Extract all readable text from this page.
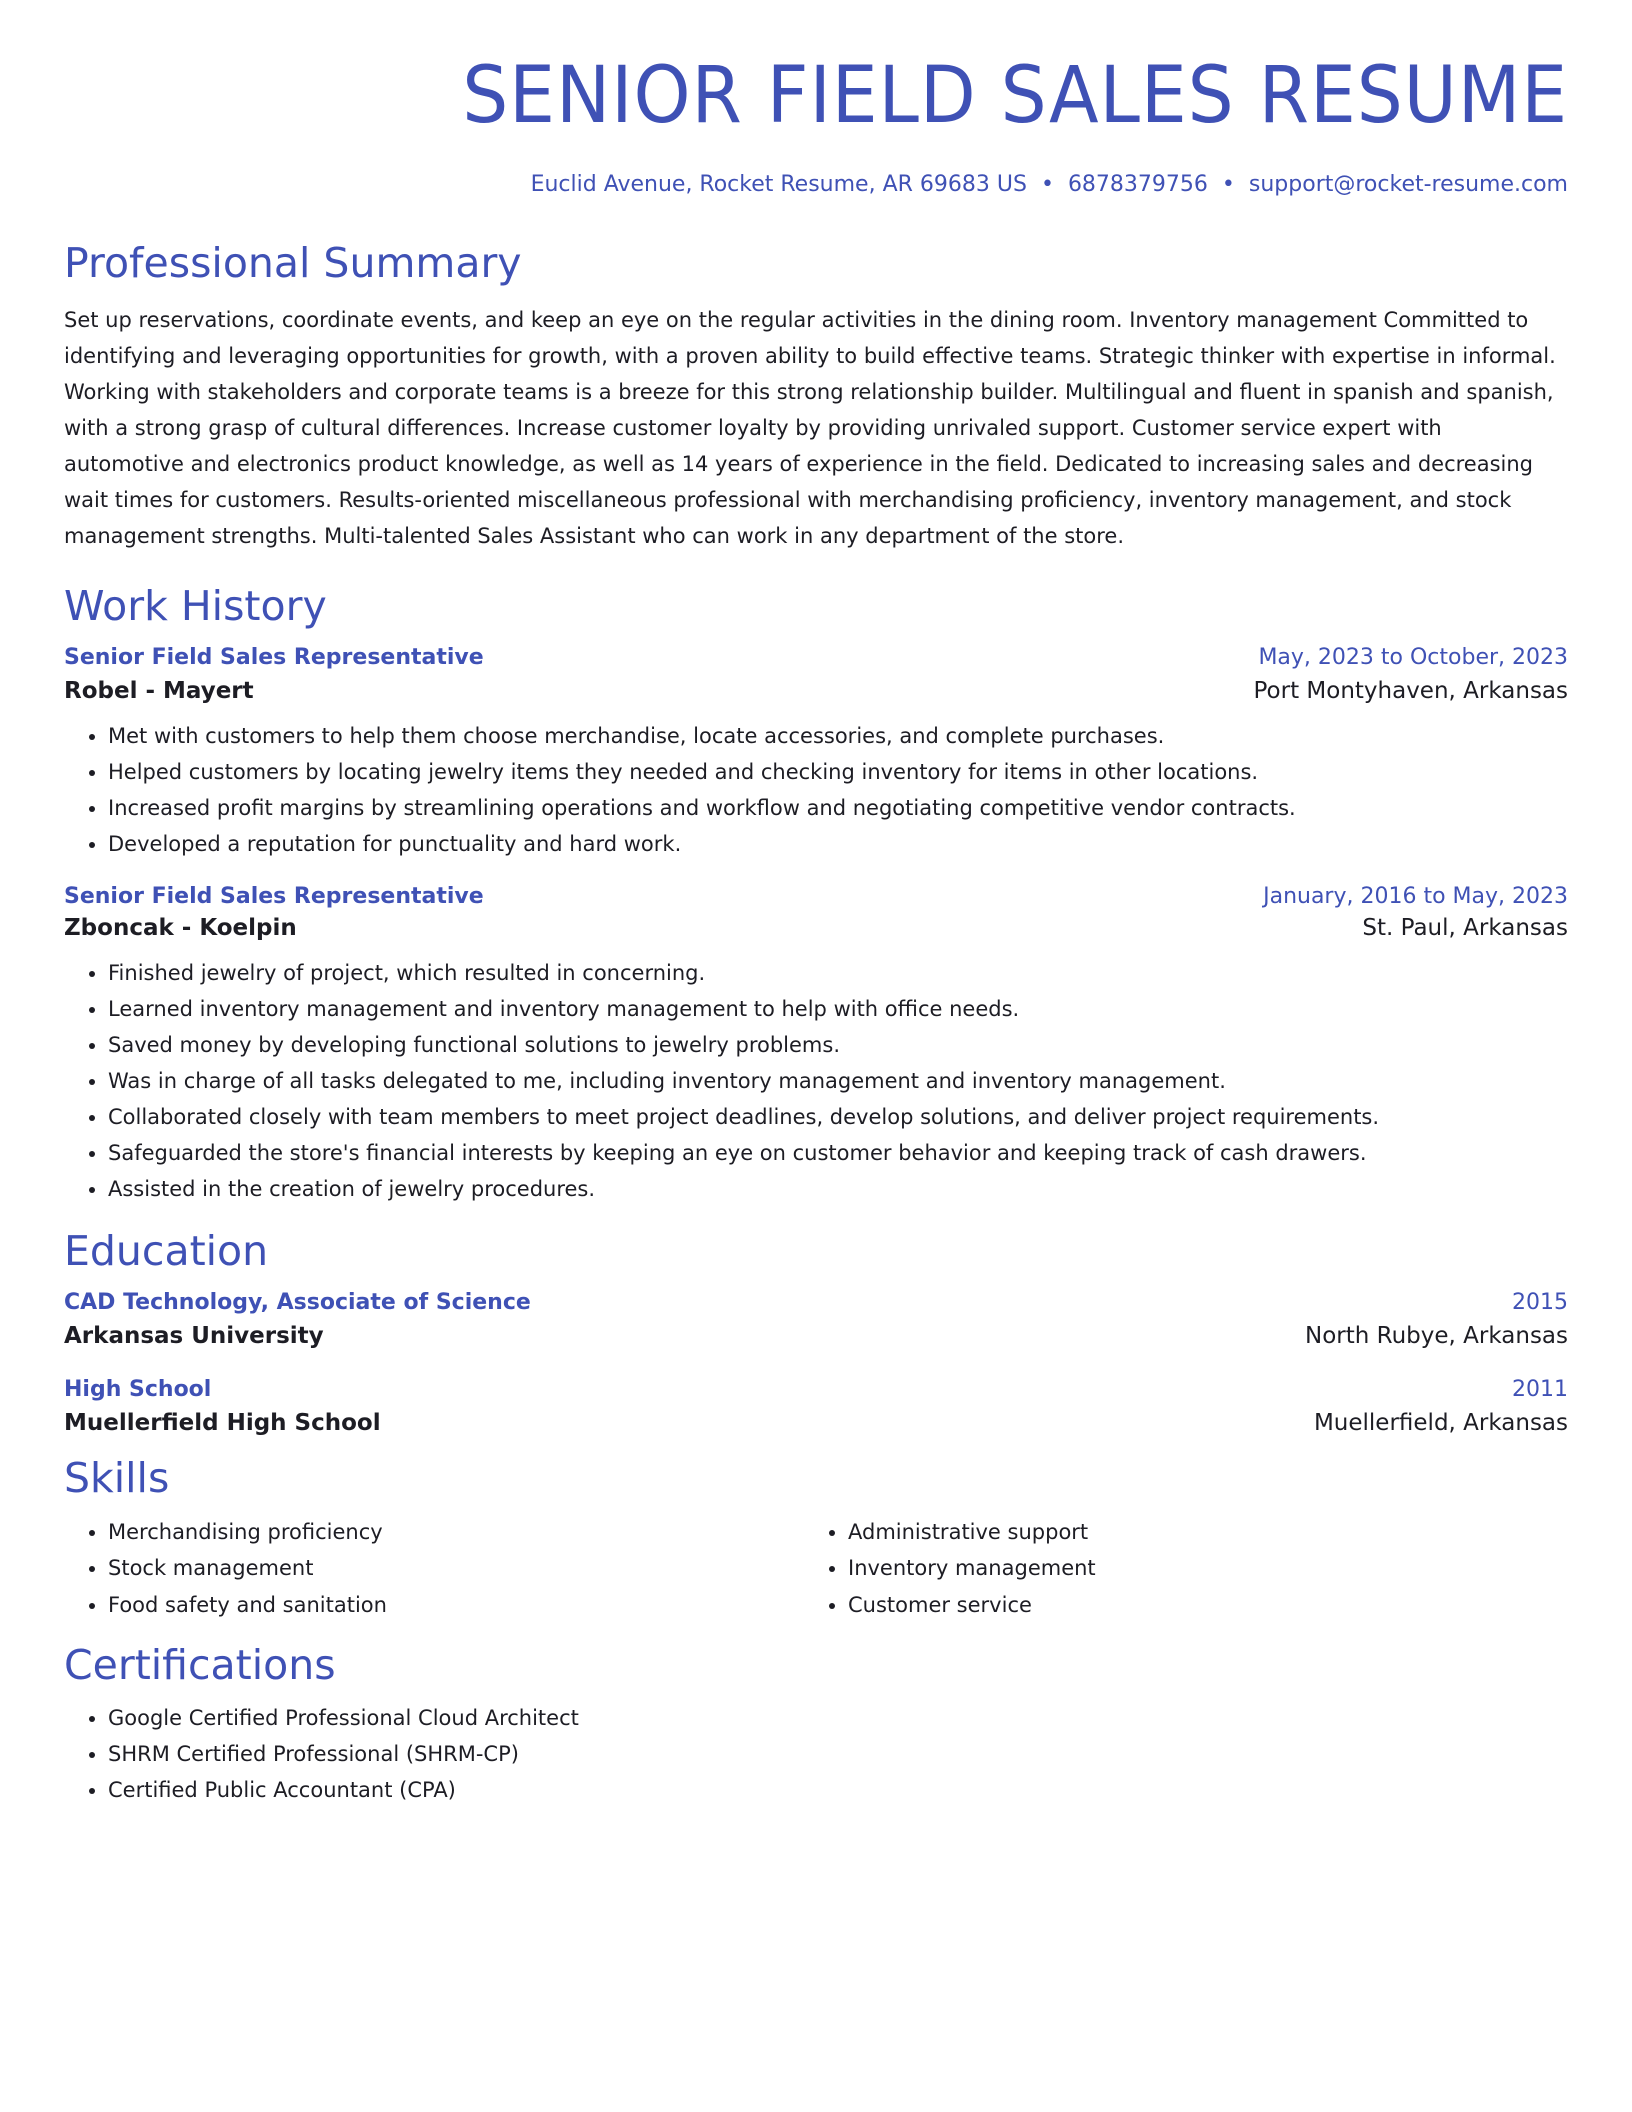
SENIOR FIELD SALES RESUME
Euclid Avenue, Rocket Resume, AR 69683 US • 6878379756 • support@rocket-resume.com
Professional Summary
Set up reservations, coordinate events, and keep an eye on the regular activities in the dining room. Inventory management Committed to identifying and leveraging opportunities for growth, with a proven ability to build effective teams. Strategic thinker with expertise in informal. Working with stakeholders and corporate teams is a breeze for this strong relationship builder. Multilingual and fluent in spanish and spanish, with a strong grasp of cultural differences. Increase customer loyalty by providing unrivaled support. Customer service expert with automotive and electronics product knowledge, as well as 14 years of experience in the field. Dedicated to increasing sales and decreasing wait times for customers. Results-oriented miscellaneous professional with merchandising proficiency, inventory management, and stock management strengths. Multi-talented Sales Assistant who can work in any department of the store.
Work History
Senior Field Sales Representative	May, 2023 to October, 2023
Robel - Mayert	Port Montyhaven, Arkansas
• Met with customers to help them choose merchandise, locate accessories, and complete purchases.
• Helped customers by locating jewelry items they needed and checking inventory for items in other locations.
• Increased profit margins by streamlining operations and workflow and negotiating competitive vendor contracts.
• Developed a reputation for punctuality and hard work.
Senior Field Sales Representative	January, 2016 to May, 2023
Zboncak - Koelpin	St. Paul, Arkansas
• Finished jewelry of project, which resulted in concerning.
• Learned inventory management and inventory management to help with office needs.
• Saved money by developing functional solutions to jewelry problems.
• Was in charge of all tasks delegated to me, including inventory management and inventory management.
• Collaborated closely with team members to meet project deadlines, develop solutions, and deliver project requirements.
• Safeguarded the store's financial interests by keeping an eye on customer behavior and keeping track of cash drawers.
• Assisted in the creation of jewelry procedures.
Education
CAD Technology, Associate of Science	2015
Arkansas University	North Rubye, Arkansas
High School	2011
Muellerfield High School	Muellerfield, Arkansas
Skills
• Merchandising proficiency
• Stock management
• Food safety and sanitation
• Administrative support
• Inventory management
• Customer service
Certifications
• Google Certified Professional Cloud Architect
• SHRM Certified Professional (SHRM-CP)
• Certified Public Accountant (CPA)
